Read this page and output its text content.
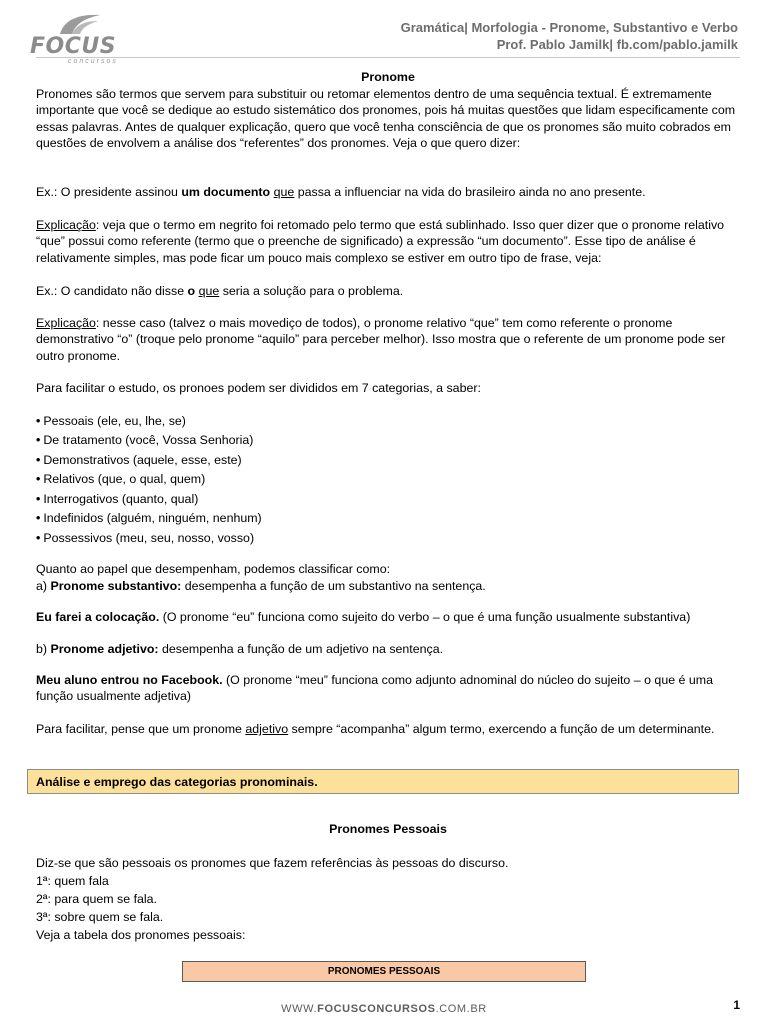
FOCUS
concursos
Gramática| Morfologia - Pronome, Substantivo e Verbo
Prof. Pablo Jamilk| fb.com/pablo.jamilk
Pronome
Pronomes são termos que servem para substituir ou retomar elementos dentro de uma sequência textual. É extremamente importante que você se dedique ao estudo sistemático dos pronomes, pois há muitas questões que lidam especificamente com essas palavras. Antes de qualquer explicação, quero que você tenha consciência de que os pronomes são muito cobrados em questões de envolvem a análise dos “referentes” dos pronomes. Veja o que quero dizer:
Ex.: O presidente assinou um documento que passa a influenciar na vida do brasileiro ainda no ano presente.
Explicação: veja que o termo em negrito foi retomado pelo termo que está sublinhado. Isso quer dizer que o pronome relativo “que” possui como referente (termo que o preenche de significado) a expressão “um documento”. Esse tipo de análise é relativamente simples, mas pode ficar um pouco mais complexo se estiver em outro tipo de frase, veja:
Ex.: O candidato não disse o que seria a solução para o problema.
Explicação: nesse caso (talvez o mais movediço de todos), o pronome relativo “que” tem como referente o pronome demonstrativo “o” (troque pelo pronome “aquilo” para perceber melhor). Isso mostra que o referente de um pronome pode ser outro pronome.
Para facilitar o estudo, os pronoes podem ser divididos em 7 categorias, a saber:
• Pessoais (ele, eu, lhe, se)
• De tratamento (você, Vossa Senhoria)
• Demonstrativos (aquele, esse, este)
• Relativos (que, o qual, quem)
• Interrogativos (quanto, qual)
• Indefinidos (alguém, ninguém, nenhum)
• Possessivos (meu, seu, nosso, vosso)
Quanto ao papel que desempenham, podemos classificar como:
a) Pronome substantivo: desempenha a função de um substantivo na sentença.
Eu farei a colocação. (O pronome “eu” funciona como sujeito do verbo – o que é uma função usualmente substantiva)
b) Pronome adjetivo: desempenha a função de um adjetivo na sentença.
Meu aluno entrou no Facebook. (O pronome “meu” funciona como adjunto adnominal do núcleo do sujeito – o que é uma função usualmente adjetiva)
Para facilitar, pense que um pronome adjetivo sempre “acompanha” algum termo, exercendo a função de um determinante.
Análise e emprego das categorias pronominais.
Pronomes Pessoais
Diz-se que são pessoais os pronomes que fazem referências às pessoas do discurso.
1ª: quem fala
2ª: para quem se fala.
3ª: sobre quem se fala.
Veja a tabela dos pronomes pessoais:
PRONOMES PESSOAIS
WWW.FOCUSCONCURSOS.COM.BR	1
